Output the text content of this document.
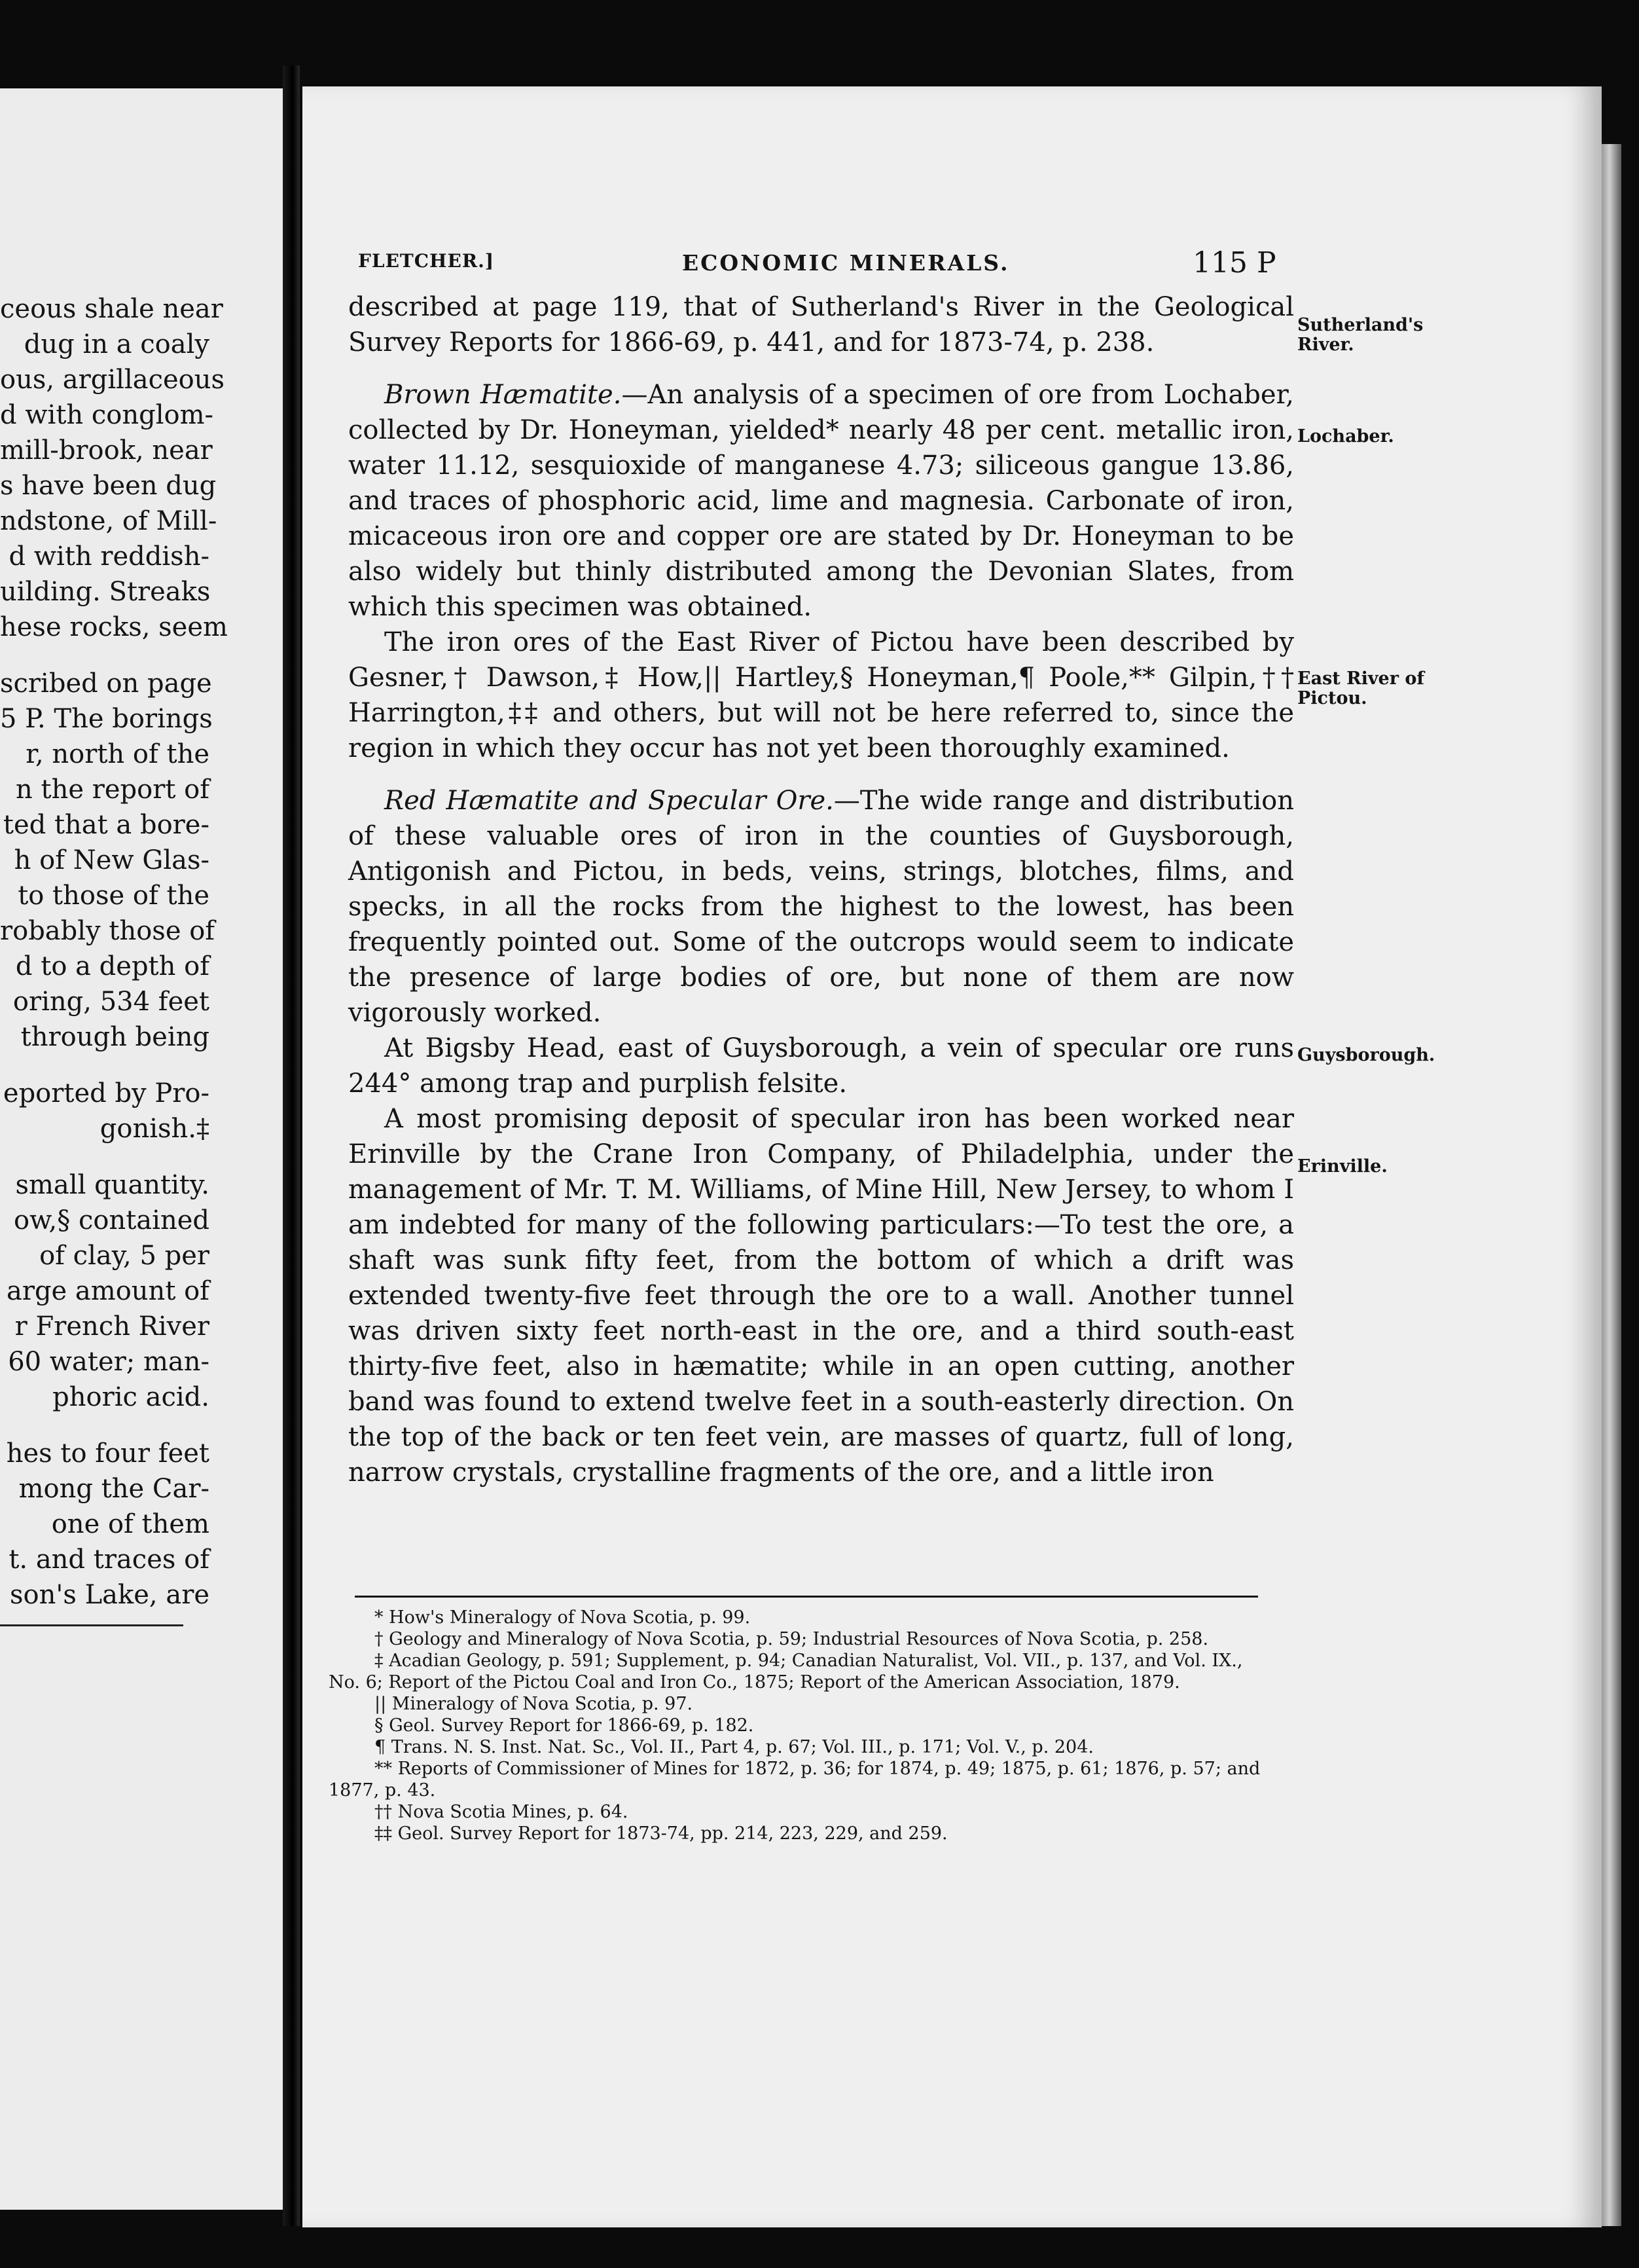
ceous shale near
dug in a coaly
ous, argillaceous
d with conglom-
mill-brook, near
s have been dug
ndstone, of Mill-
d with reddish-
uilding. Streaks
hese rocks, seem
scribed on page
5 P. The borings
r, north of the
n the report of
ted that a bore-
h of New Glas-
to those of the
robably those of
d to a depth of
oring, 534 feet
through being
eported by Pro-
gonish.‡
small quantity.
ow,§ contained
of clay, 5 per
arge amount of
r French River
60 water; man-
phoric acid.
hes to four feet
mong the Car-
one of them
t. and traces of
son's Lake, are
FLETCHER.]	ECONOMIC MINERALS.	115 P

described at page 119, that of Sutherland's River in the Geological Survey Reports for 1866-69, p. 441, and for 1873-74, p. 238.

Brown Hæmatite.—An analysis of a specimen of ore from Lochaber, collected by Dr. Honeyman, yielded* nearly 48 per cent. metallic iron, water 11.12, sesquioxide of manganese 4.73; siliceous gangue 13.86, and traces of phosphoric acid, lime and magnesia. Carbonate of iron, micaceous iron ore and copper ore are stated by Dr. Honeyman to be also widely but thinly distributed among the Devonian Slates, from which this specimen was obtained.

The iron ores of the East River of Pictou have been described by Gesner,† Dawson,‡ How,|| Hartley,§ Honeyman,¶ Poole,** Gilpin,†† Harrington,‡‡ and others, but will not be here referred to, since the region in which they occur has not yet been thoroughly examined.

Red Hæmatite and Specular Ore.—The wide range and distribution of these valuable ores of iron in the counties of Guysborough, Antigonish and Pictou, in beds, veins, strings, blotches, films, and specks, in all the rocks from the highest to the lowest, has been frequently pointed out. Some of the outcrops would seem to indicate the presence of large bodies of ore, but none of them are now vigorously worked.

At Bigsby Head, east of Guysborough, a vein of specular ore runs 244° among trap and purplish felsite.

A most promising deposit of specular iron has been worked near Erinville by the Crane Iron Company, of Philadelphia, under the management of Mr. T. M. Williams, of Mine Hill, New Jersey, to whom I am indebted for many of the following particulars:—To test the ore, a shaft was sunk fifty feet, from the bottom of which a drift was extended twenty-five feet through the ore to a wall. Another tunnel was driven sixty feet north-east in the ore, and a third south-east thirty-five feet, also in hæmatite; while in an open cutting, another band was found to extend twelve feet in a south-easterly direction. On the top of the back or ten feet vein, are masses of quartz, full of long, narrow crystals, crystalline fragments of the ore, and a little iron

Sutherland's River.
Lochaber.
East River of Pictou.
Guysborough.
Erinville.
* How's Mineralogy of Nova Scotia, p. 99.
† Geology and Mineralogy of Nova Scotia, p. 59; Industrial Resources of Nova Scotia, p. 258.
‡ Acadian Geology, p. 591; Supplement, p. 94; Canadian Naturalist, Vol. VII., p. 137, and Vol. IX., No. 6; Report of the Pictou Coal and Iron Co., 1875; Report of the American Association, 1879.
|| Mineralogy of Nova Scotia, p. 97.
§ Geol. Survey Report for 1866-69, p. 182.
¶ Trans. N. S. Inst. Nat. Sc., Vol. II., Part 4, p. 67; Vol. III., p. 171; Vol. V., p. 204.
** Reports of Commissioner of Mines for 1872, p. 36; for 1874, p. 49; 1875, p. 61; 1876, p. 57; and 1877, p. 43.
†† Nova Scotia Mines, p. 64.
‡‡ Geol. Survey Report for 1873-74, pp. 214, 223, 229, and 259.
